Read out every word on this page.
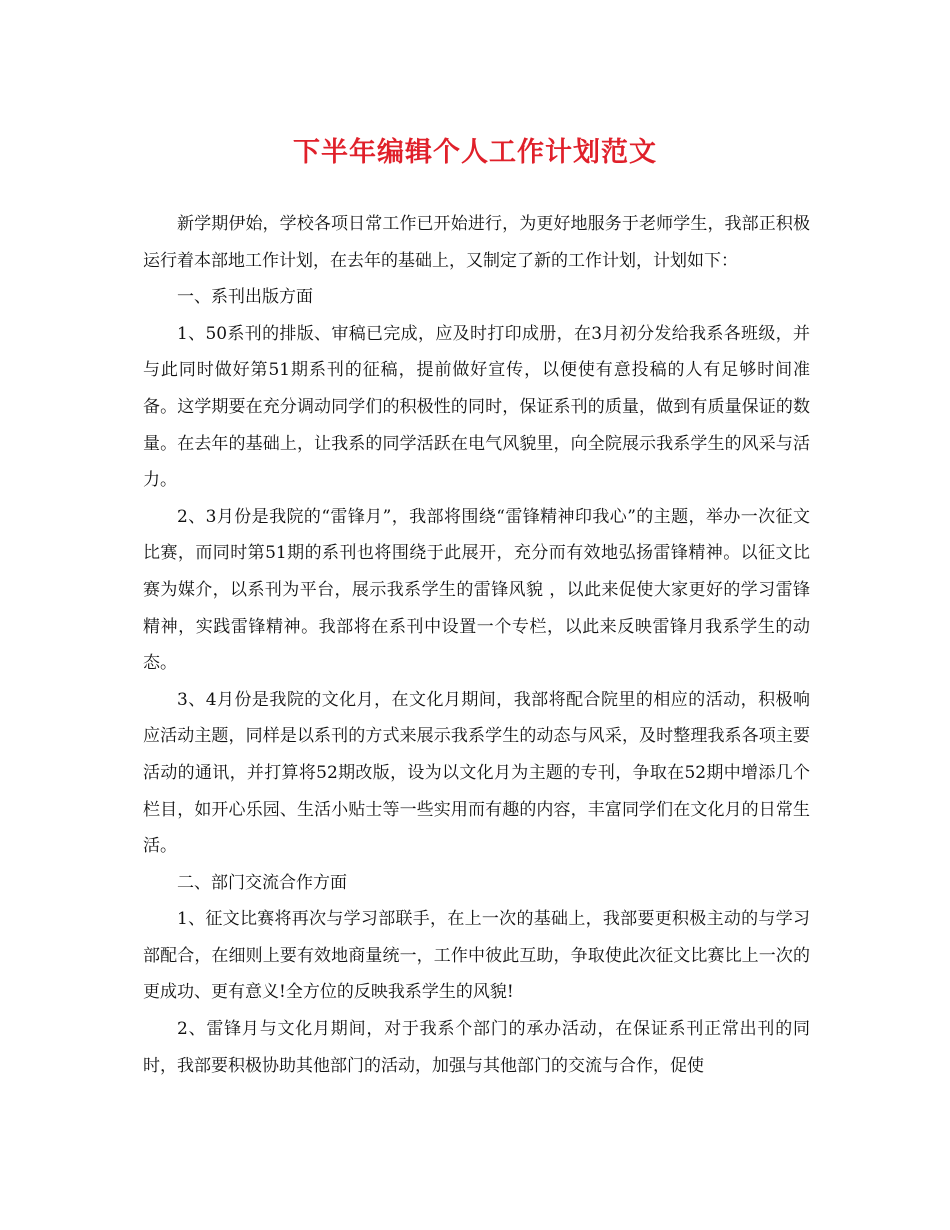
下半年编辑个人工作计划范文

新学期伊始，学校各项日常工作已开始进行，为更好地服务于老师学生，我部正积极运行着本部地工作计划，在去年的基础上，又制定了新的工作计划，计划如下：

一、系刊出版方面

1、50系刊的排版、审稿已完成，应及时打印成册，在3月初分发给我系各班级，并与此同时做好第51期系刊的征稿，提前做好宣传，以便使有意投稿的人有足够时间准备。这学期要在充分调动同学们的积极性的同时，保证系刊的质量，做到有质量保证的数量。在去年的基础上，让我系的同学活跃在电气风貌里，向全院展示我系学生的风采与活力。

2、3月份是我院的“雷锋月”，我部将围绕“雷锋精神印我心”的主题，举办一次征文比赛，而同时第51期的系刊也将围绕于此展开，充分而有效地弘扬雷锋精神。以征文比赛为媒介，以系刊为平台，展示我系学生的雷锋风貌 ，以此来促使大家更好的学习雷锋精神，实践雷锋精神。我部将在系刊中设置一个专栏，以此来反映雷锋月我系学生的动态。

3、4月份是我院的文化月，在文化月期间，我部将配合院里的相应的活动，积极响应活动主题，同样是以系刊的方式来展示我系学生的动态与风采，及时整理我系各项主要活动的通讯，并打算将52期改版，设为以文化月为主题的专刊，争取在52期中增添几个栏目，如开心乐园、生活小贴士等一些实用而有趣的内容，丰富同学们在文化月的日常生活。

二、部门交流合作方面

1、征文比赛将再次与学习部联手，在上一次的基础上，我部要更积极主动的与学习部配合，在细则上要有效地商量统一，工作中彼此互助，争取使此次征文比赛比上一次的更成功、更有意义!全方位的反映我系学生的风貌!

2、雷锋月与文化月期间，对于我系个部门的承办活动，在保证系刊正常出刊的同时，我部要积极协助其他部门的活动，加强与其他部门的交流与合作，促使
